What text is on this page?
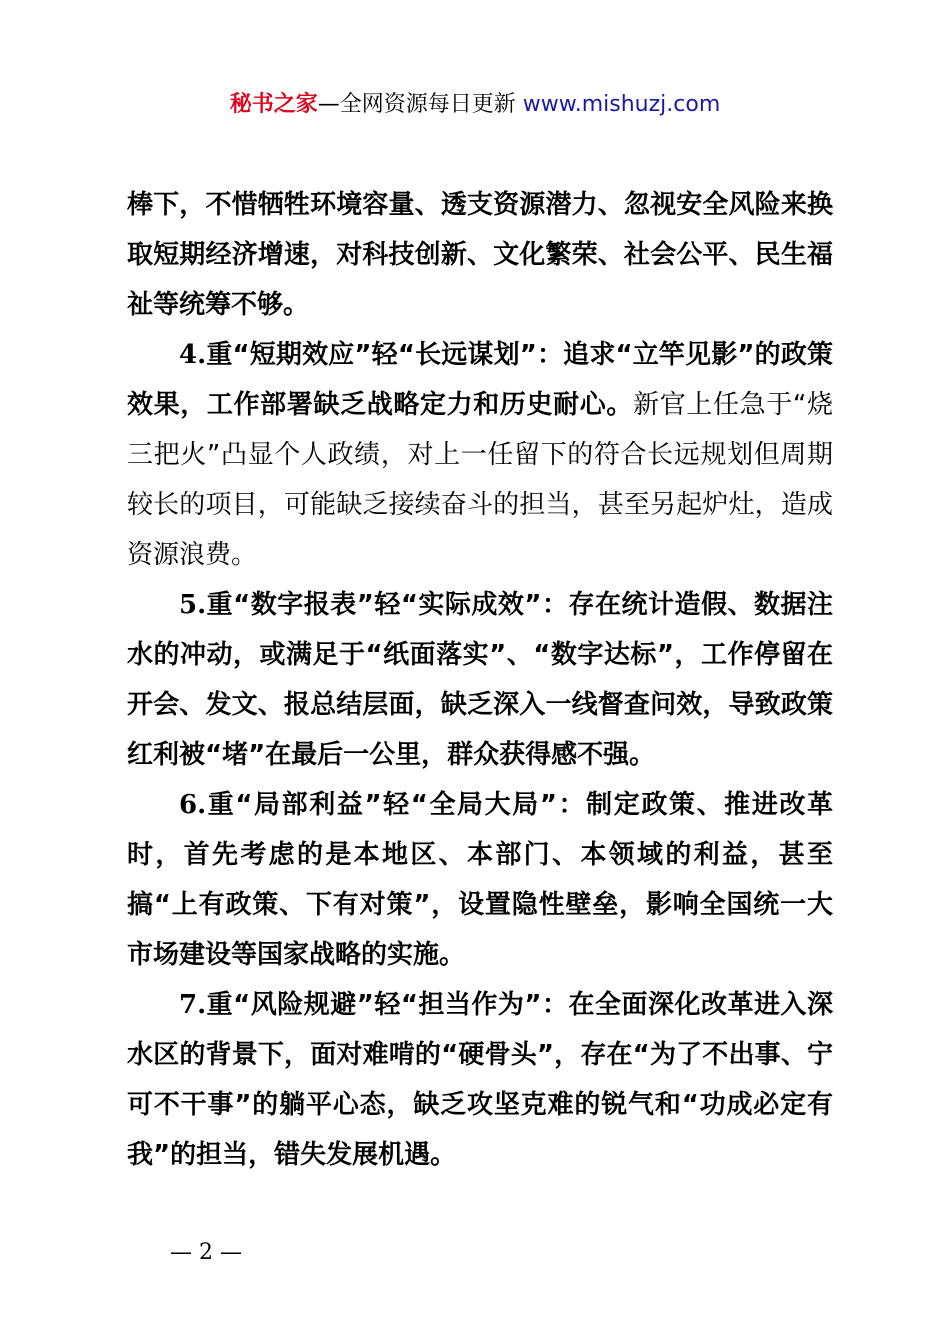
秘书之家—全网资源每日更新 www.mishuzj.com

棒下，不惜牺牲环境容量、透支资源潜力、忽视安全风险来换取短期经济增速，对科技创新、文化繁荣、社会公平、民生福祉等统筹不够。

4.重“短期效应”轻“长远谋划”：追求“立竿见影”的政策效果，工作部署缺乏战略定力和历史耐心。新官上任急于“烧三把火”凸显个人政绩，对上一任留下的符合长远规划但周期较长的项目，可能缺乏接续奋斗的担当，甚至另起炉灶，造成资源浪费。

5.重“数字报表”轻“实际成效”：存在统计造假、数据注水的冲动，或满足于“纸面落实”、“数字达标”，工作停留在开会、发文、报总结层面，缺乏深入一线督查问效，导致政策红利被“堵”在最后一公里，群众获得感不强。

6.重“局部利益”轻“全局大局”：制定政策、推进改革时，首先考虑的是本地区、本部门、本领域的利益，甚至搞“上有政策、下有对策”，设置隐性壁垒，影响全国统一大市场建设等国家战略的实施。

7.重“风险规避”轻“担当作为”：在全面深化改革进入深水区的背景下，面对难啃的“硬骨头”，存在“为了不出事、宁可不干事”的躺平心态，缺乏攻坚克难的锐气和“功成必定有我”的担当，错失发展机遇。

— 2 —
